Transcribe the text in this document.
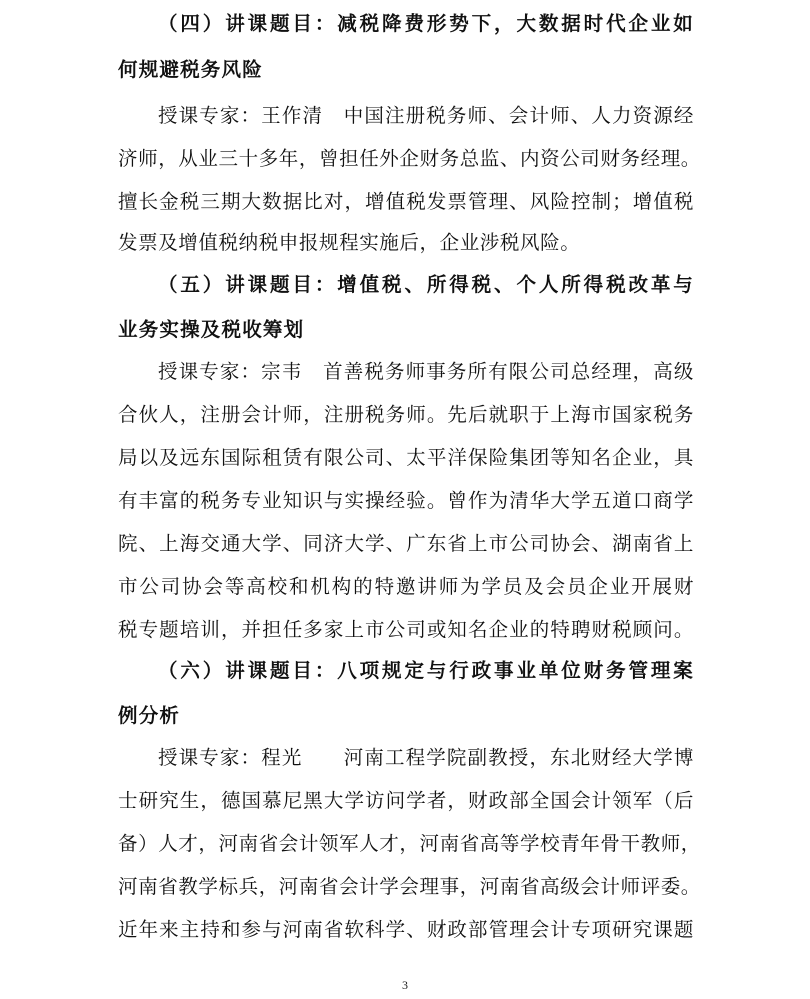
（四）讲课题目：减税降费形势下，大数据时代企业如
何规避税务风险
授课专家：王作清　中国注册税务师、会计师、人力资源经
济师，从业三十多年，曾担任外企财务总监、内资公司财务经理。
擅长金税三期大数据比对，增值税发票管理、风险控制；增值税
发票及增值税纳税申报规程实施后，企业涉税风险。
（五）讲课题目：增值税、所得税、个人所得税改革与
业务实操及税收筹划
授课专家：宗韦　首善税务师事务所有限公司总经理，高级
合伙人，注册会计师，注册税务师。先后就职于上海市国家税务
局以及远东国际租赁有限公司、太平洋保险集团等知名企业，具
有丰富的税务专业知识与实操经验。曾作为清华大学五道口商学
院、上海交通大学、同济大学、广东省上市公司协会、湖南省上
市公司协会等高校和机构的特邀讲师为学员及会员企业开展财
税专题培训，并担任多家上市公司或知名企业的特聘财税顾问。
（六）讲课题目：八项规定与行政事业单位财务管理案
例分析
授课专家：程光　　河南工程学院副教授，东北财经大学博
士研究生，德国慕尼黑大学访问学者，财政部全国会计领军（后
备）人才，河南省会计领军人才，河南省高等学校青年骨干教师，
河南省教学标兵，河南省会计学会理事，河南省高级会计师评委。
近年来主持和参与河南省软科学、财政部管理会计专项研究课题
3
